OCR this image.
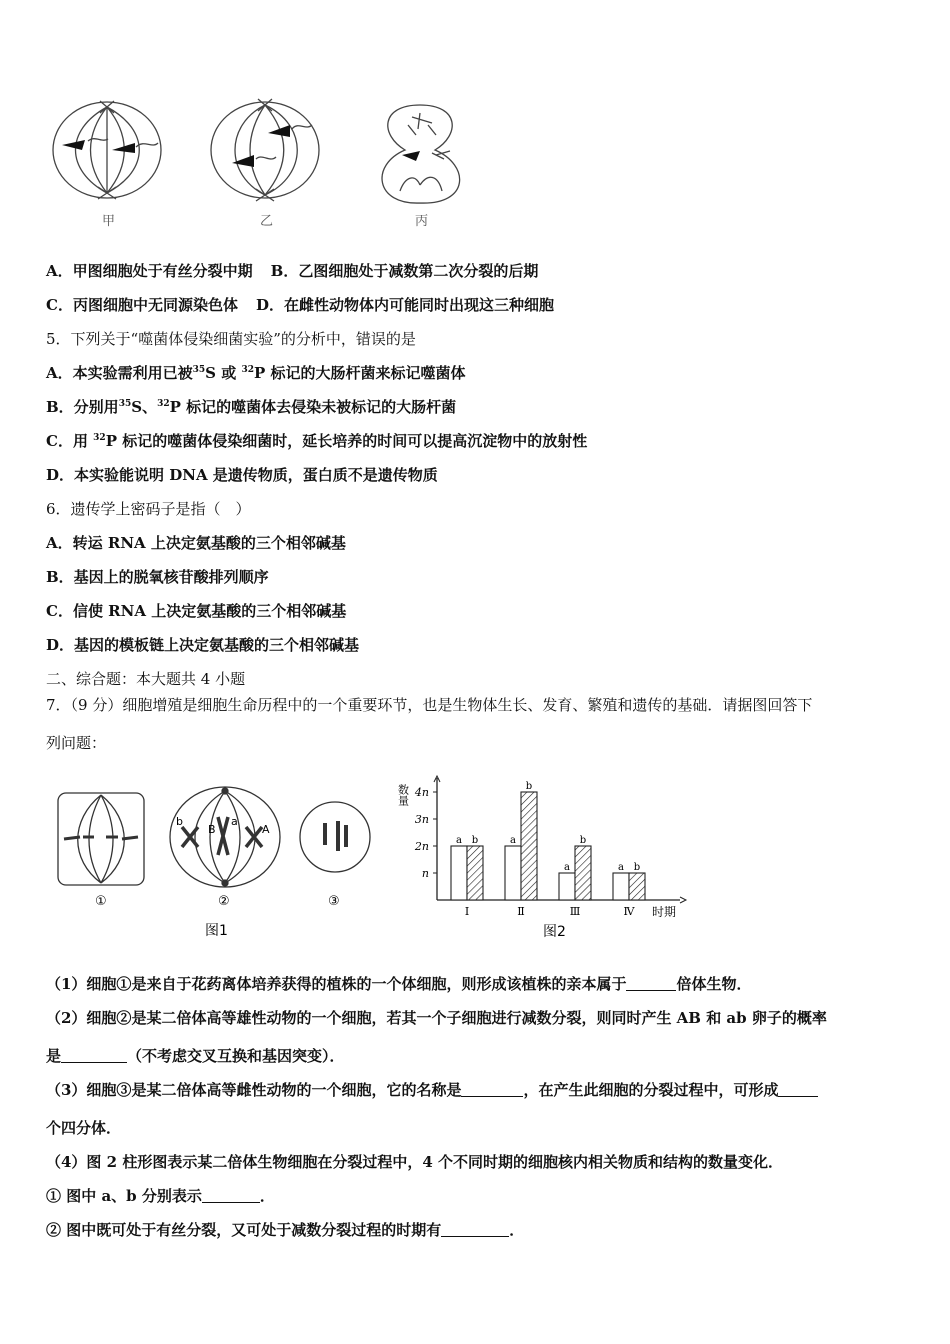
甲	乙	丙
A．甲图细胞处于有丝分裂中期 B．乙图细胞处于减数第二次分裂的后期
C．丙图细胞中无同源染色体 D．在雌性动物体内可能同时出现这三种细胞
5．下列关于“噬菌体侵染细菌实验”的分析中，错误的是
A．本实验需利用已被$^{35}$S 或 $^{32}$P 标记的大肠杆菌来标记噬菌体
B．分别用$^{35}$S、$^{32}$P 标记的噬菌体去侵染未被标记的大肠杆菌
C．用 $^{32}$P 标记的噬菌体侵染细菌时，延长培养的时间可以提高沉淀物中的放射性
D．本实验能说明 DNA 是遗传物质，蛋白质不是遗传物质
6．遗传学上密码子是指（　）
A．转运 RNA 上决定氨基酸的三个相邻碱基
B．基因上的脱氧核苷酸排列顺序
C．信使 RNA 上决定氨基酸的三个相邻碱基
D．基因的模板链上决定氨基酸的三个相邻碱基
二、综合题：本大题共 4 小题
7．（9 分）细胞增殖是细胞生命历程中的一个重要环节，也是生物体生长、发育、繁殖和遗传的基础．请据图回答下
列问题：
①
b
B
a
A
②	③
图1
数量
n
2n
3n
4n
a b
Ⅰ
a
b
Ⅱ
a
b
Ⅲ
a b
Ⅳ 时期
图2
（1）细胞①是来自于花药离体培养获得的植株的一个体细胞，则形成该植株的亲本属于	倍体生物．
（2）细胞②是某二倍体高等雄性动物的一个细胞，若其一个子细胞进行减数分裂，则同时产生 AB 和 ab 卵子的概率
是	（不考虑交叉互换和基因突变）．
（3）细胞③是某二倍体高等雌性动物的一个细胞，它的名称是	，在产生此细胞的分裂过程中，可形成
个四分体．
（4）图 2 柱形图表示某二倍体生物细胞在分裂过程中，4 个不同时期的细胞核内相关物质和结构的数量变化．
① 图中 a、b 分别表示	．
② 图中既可处于有丝分裂，又可处于减数分裂过程的时期有	．
